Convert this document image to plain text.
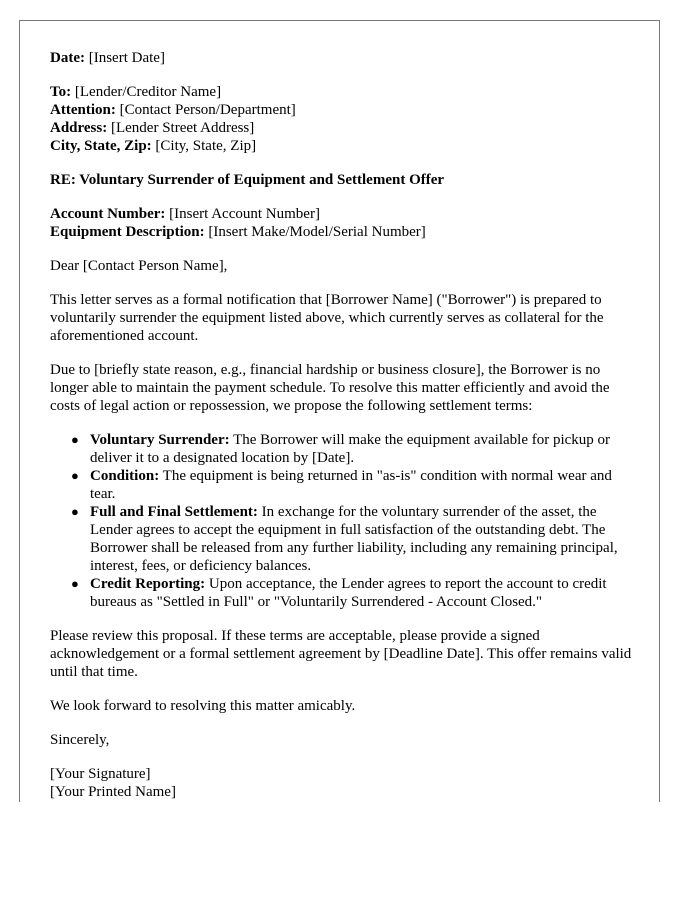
Date: [Insert Date]

To: [Lender/Creditor Name]
Attention: [Contact Person/Department]
Address: [Lender Street Address]
City, State, Zip: [City, State, Zip]

RE: Voluntary Surrender of Equipment and Settlement Offer

Account Number: [Insert Account Number]
Equipment Description: [Insert Make/Model/Serial Number]

Dear [Contact Person Name],

This letter serves as a formal notification that [Borrower Name] ("Borrower") is prepared to voluntarily surrender the equipment listed above, which currently serves as collateral for the aforementioned account.

Due to [briefly state reason, e.g., financial hardship or business closure], the Borrower is no longer able to maintain the payment schedule. To resolve this matter efficiently and avoid the costs of legal action or repossession, we propose the following settlement terms:

● Voluntary Surrender: The Borrower will make the equipment available for pickup or deliver it to a designated location by [Date].
● Condition: The equipment is being returned in "as-is" condition with normal wear and tear.
● Full and Final Settlement: In exchange for the voluntary surrender of the asset, the Lender agrees to accept the equipment in full satisfaction of the outstanding debt. The Borrower shall be released from any further liability, including any remaining principal, interest, fees, or deficiency balances.
● Credit Reporting: Upon acceptance, the Lender agrees to report the account to credit bureaus as "Settled in Full" or "Voluntarily Surrendered - Account Closed."

Please review this proposal. If these terms are acceptable, please provide a signed acknowledgement or a formal settlement agreement by [Deadline Date]. This offer remains valid until that time.

We look forward to resolving this matter amicably.

Sincerely,

[Your Signature]

[Your Printed Name]
